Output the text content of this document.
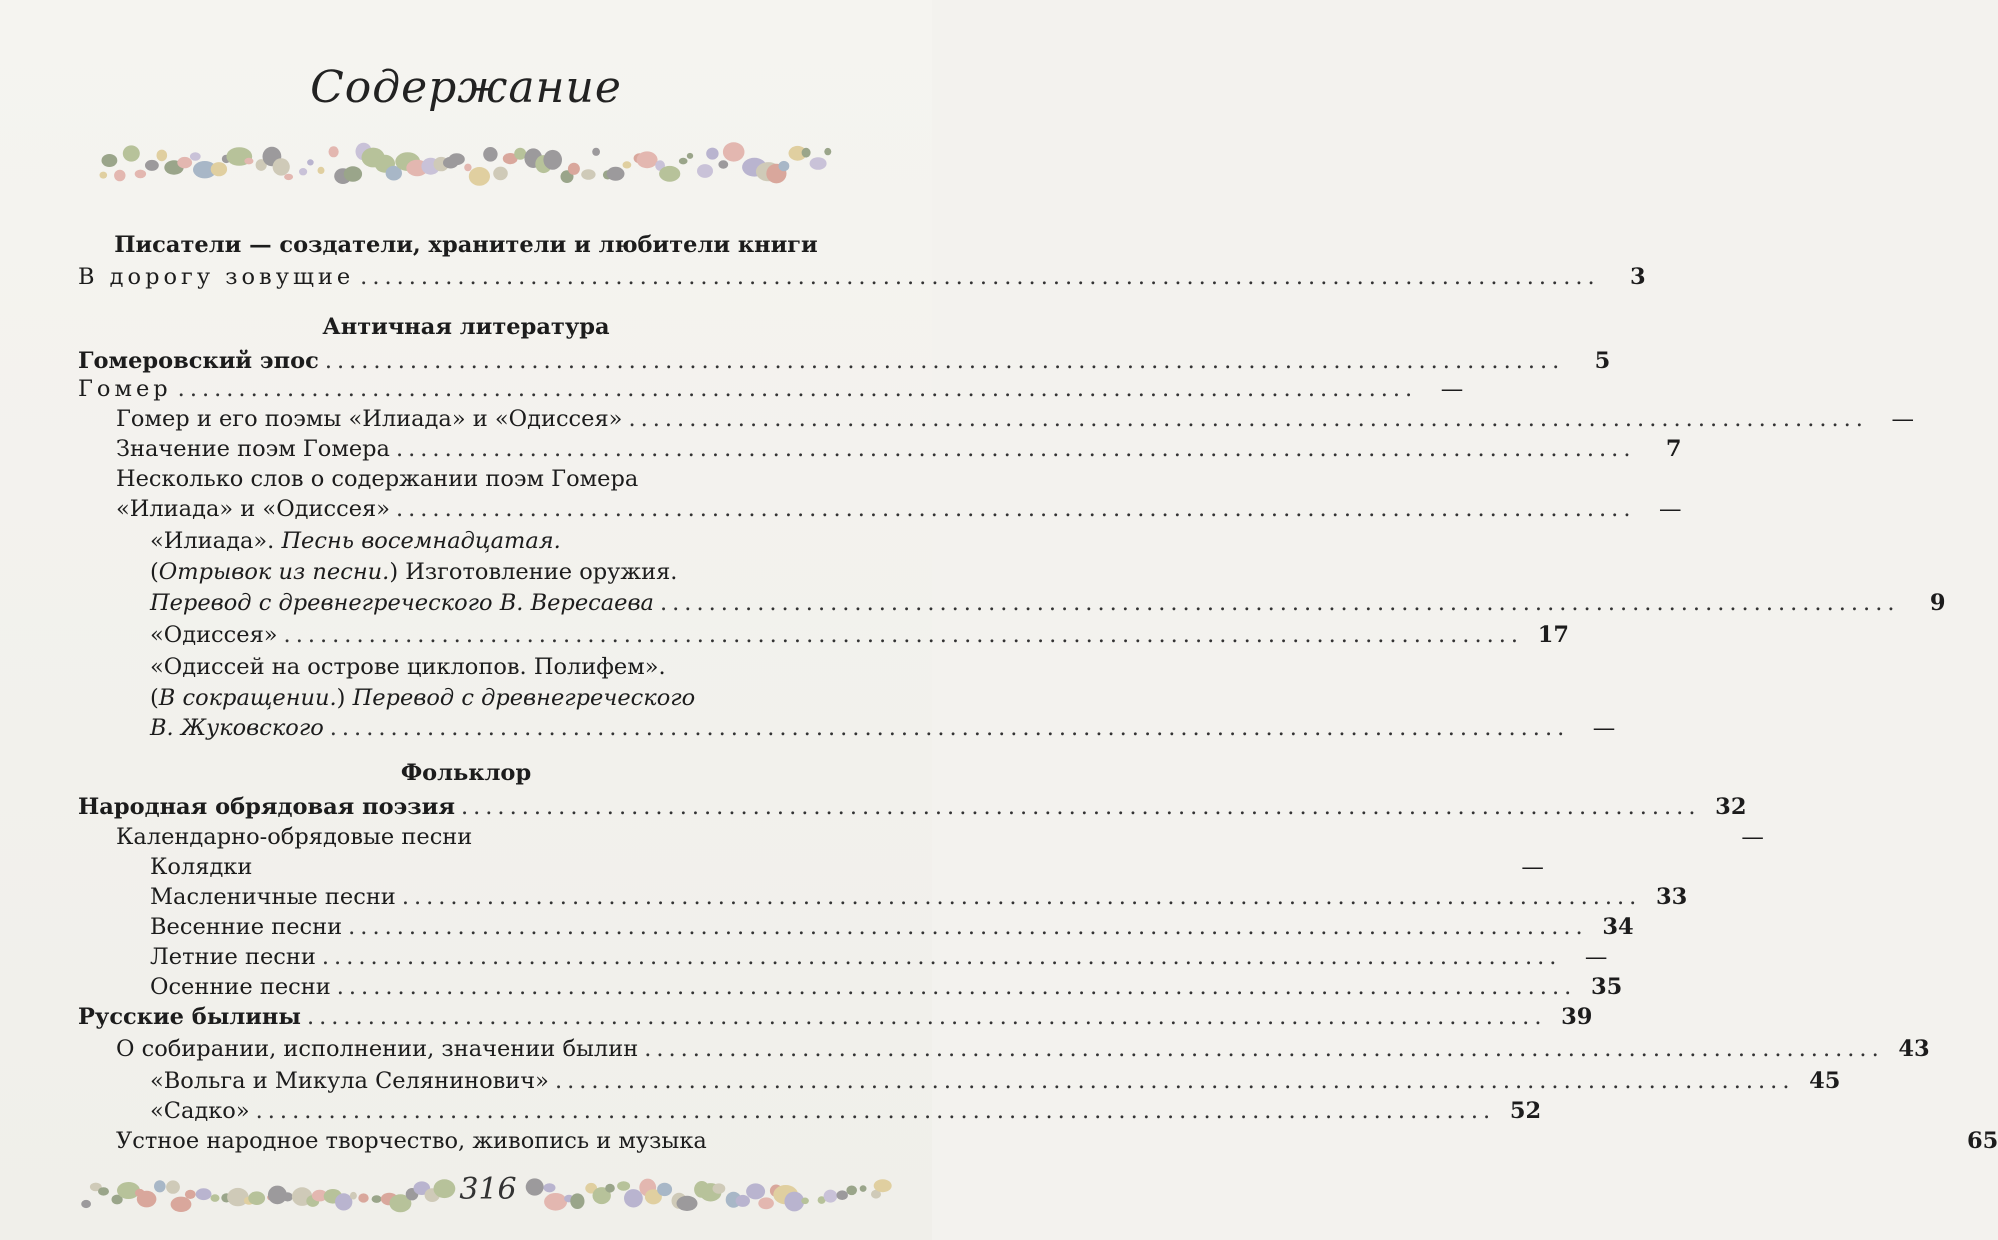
Содержание
Писатели — создатели, хранители и любители книги
В дорогу зовущие ......................................................................................................	3
Античная литература
Гомеровский эпос ......................................................................................................	5
Гомер ......................................................................................................	—
Гомер и его поэмы «Илиада» и «Одиссея» ......................................................................................................	—
Значение поэм Гомера ......................................................................................................	7
Несколько слов о содержании поэм Гомера
«Илиада» и «Одиссея» ......................................................................................................	—
«Илиада». Песнь восемнадцатая.
(Отрывок из песни.) Изготовление оружия.
Перевод с древнегреческого В. Вересаева ......................................................................................................	9
«Одиссея» ...................................................................................................... 17
«Одиссей на острове циклопов. Полифем».
(В сокращении.) Перевод с древнегреческого
В. Жуковского ......................................................................................................	—
Фольклор
Народная обрядовая поэзия ...................................................................................................... 32
Календарно-обрядовые песни	—
Колядки	—
Масленичные песни ...................................................................................................... 33
Весенние песни ...................................................................................................... 34
Летние песни ......................................................................................................	—
Осенние песни ...................................................................................................... 35
Русские былины ...................................................................................................... 39
О собирании, исполнении, значении былин ...................................................................................................... 43
«Вольга и Микула Селянинович» ...................................................................................................... 45
«Садко» ...................................................................................................... 52
Устное народное творчество, живопись и музыка	65
316
